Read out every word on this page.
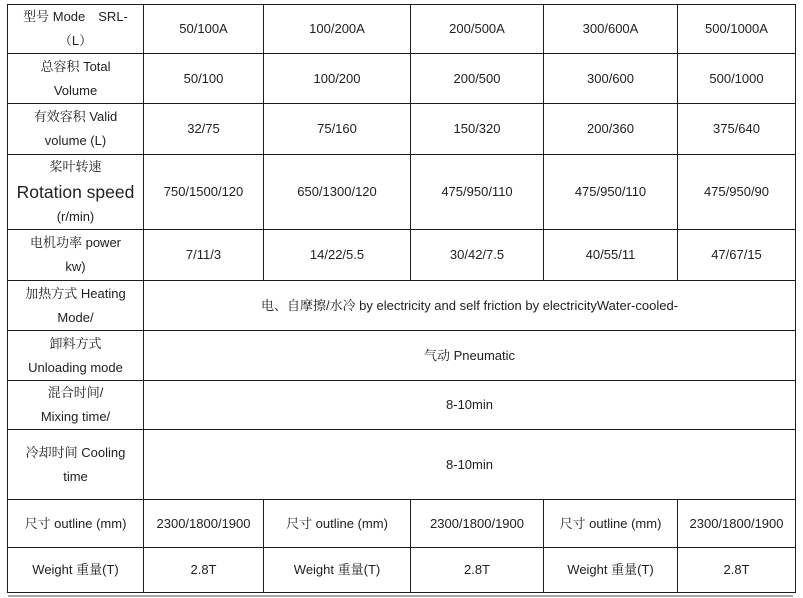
型号 Mode　SRL-
（L）	50/100A	100/200A	200/500A	300/600A	500/1000A

总容积 Total
Volume	50/100	100/200	200/500	300/600	500/1000

有效容积 Valid
volume (L)	32/75	75/160	150/320	200/360	375/640

桨叶转速
Rotation speed
(r/min)	750/1500/120	650/1300/120	475/950/110	475/950/110	475/950/90

电机功率 power
kw)	7/11/3	14/22/5.5	30/42/7.5	40/55/11	47/67/15

加热方式 Heating
Mode/	电、自摩擦/水冷 by electricity and self friction by electricityWater-cooled-				

卸料方式
Unloading mode	气动 Pneumatic				

混合时间/
Mixing time/	8-10min				

冷却时间 Cooling
time	8-10min				
尺寸 outline (mm)	2300/1800/1900	尺寸 outline (mm)	2300/1800/1900	尺寸 outline (mm)	2300/1800/1900
Weight 重量(T)	2.8T	Weight 重量(T)	2.8T	Weight 重量(T)	2.8T
